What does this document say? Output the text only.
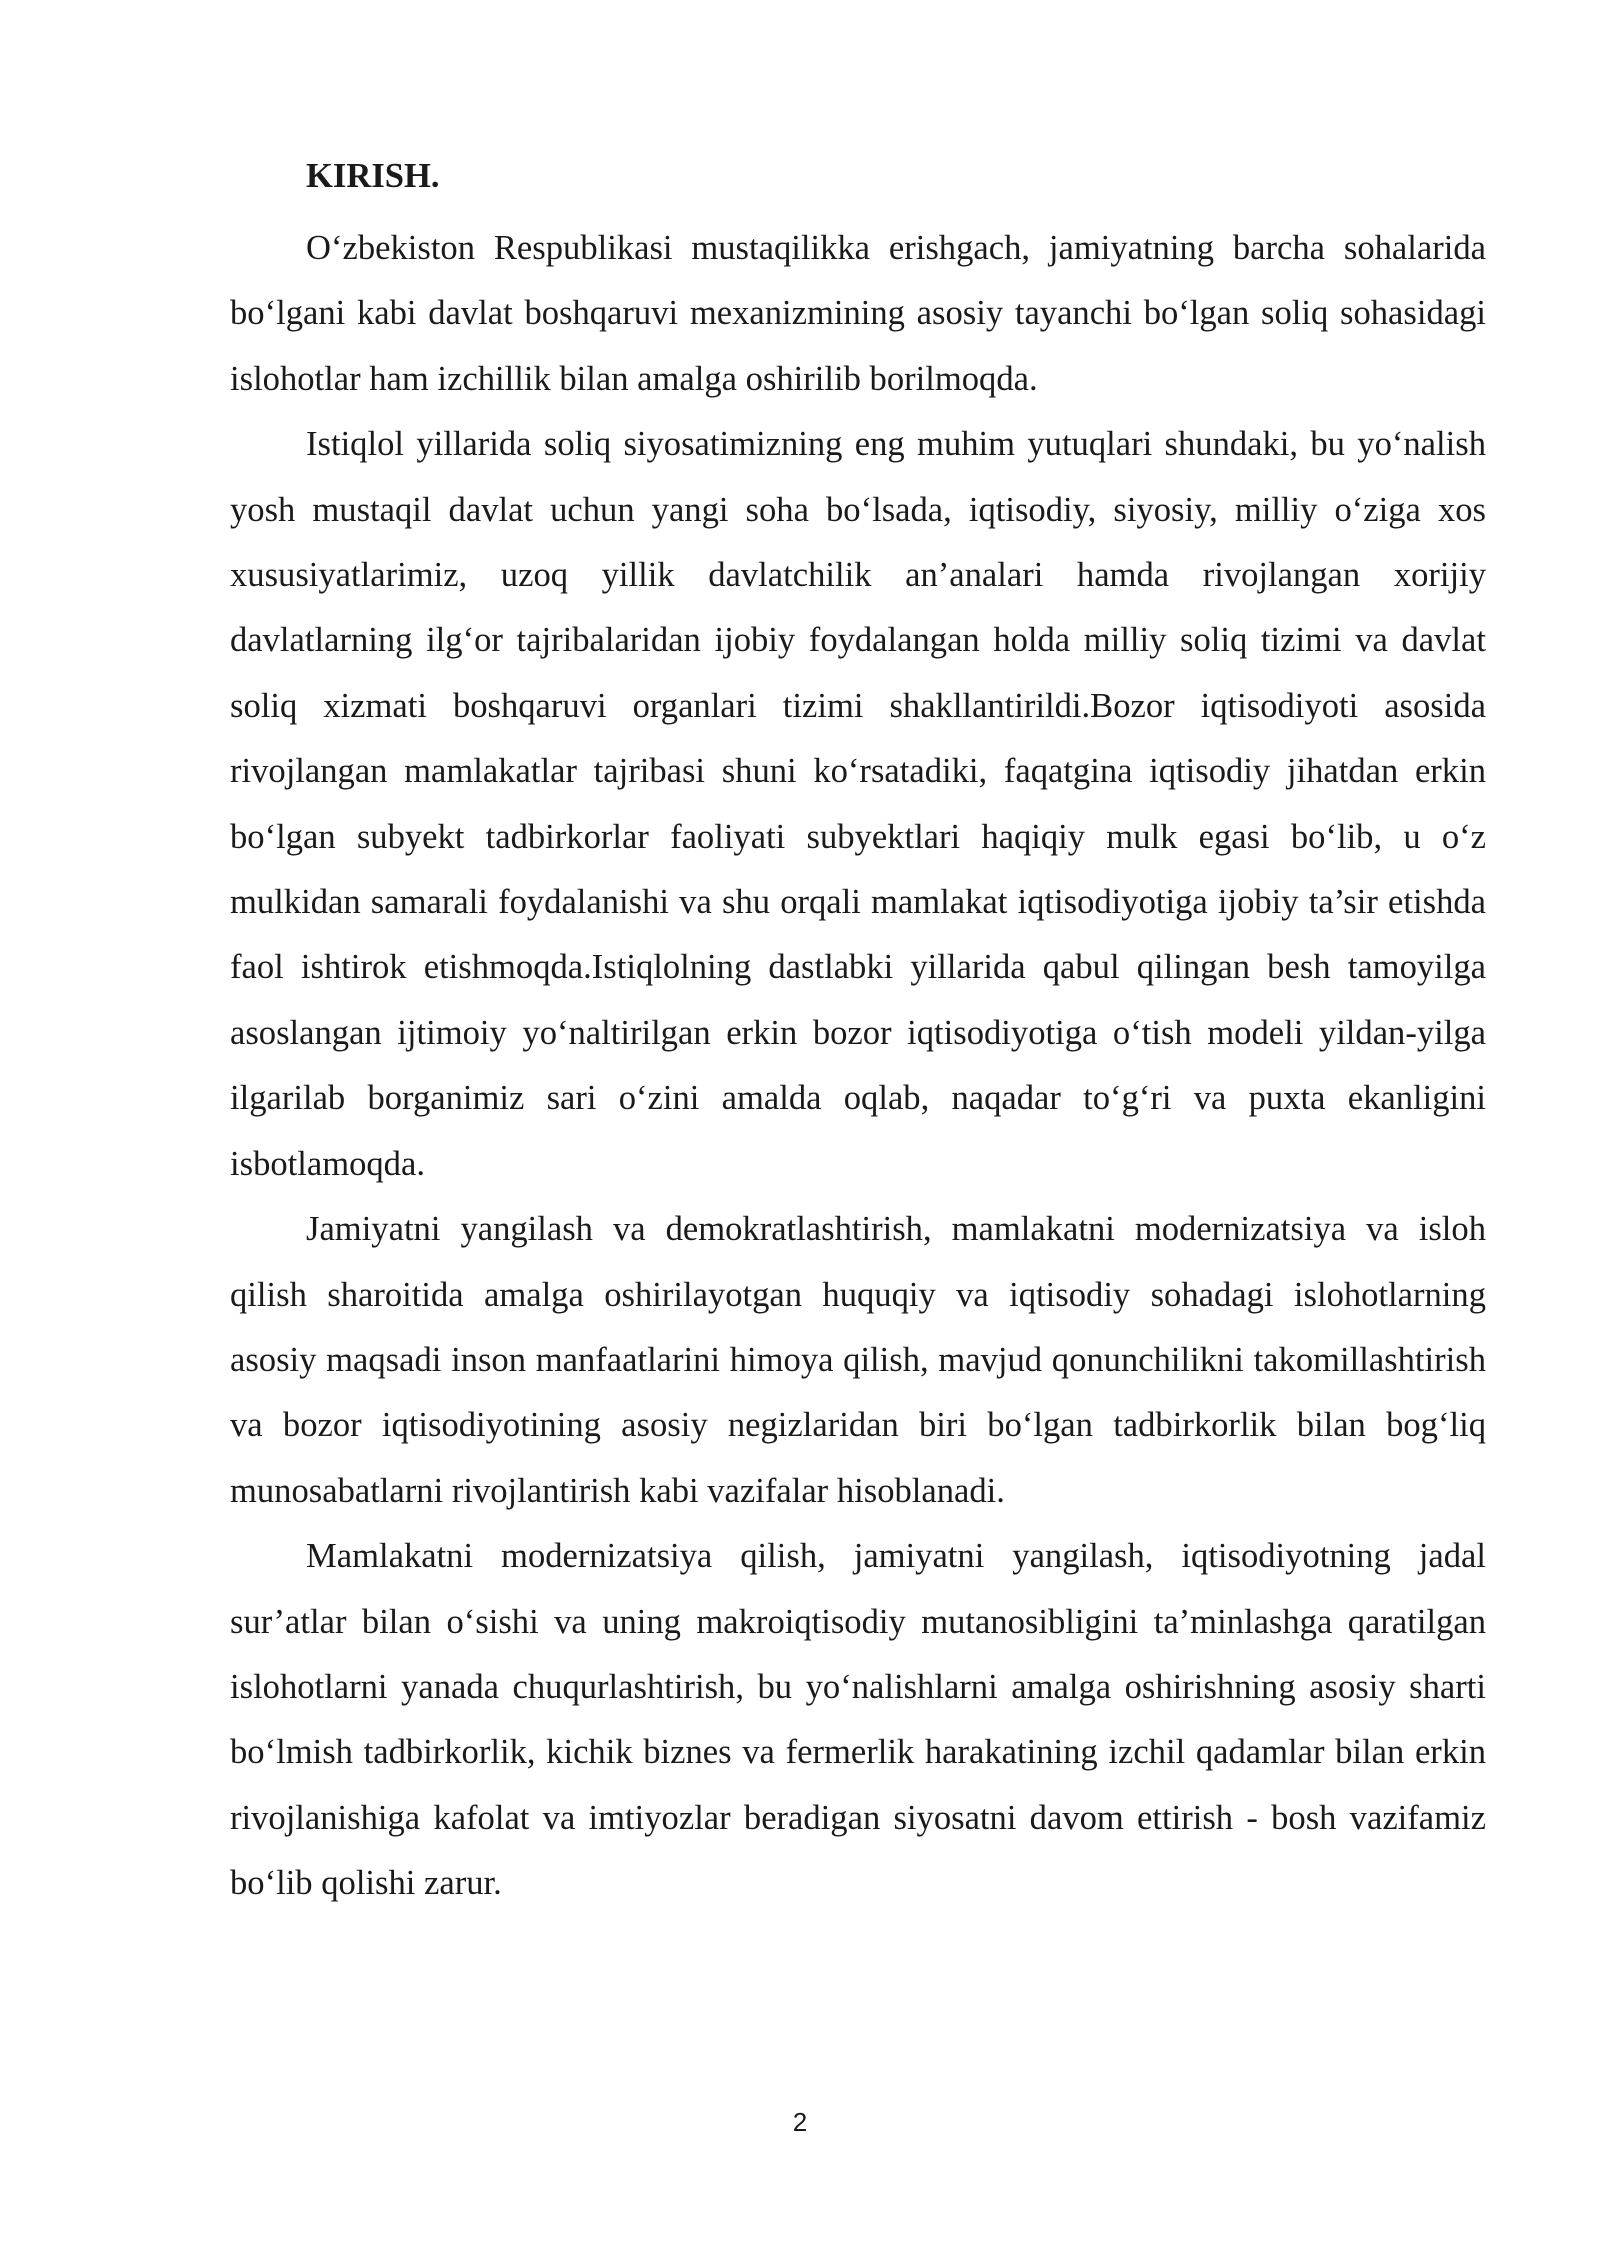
KIRISH.

O‘zbekiston Respublikasi mustaqilikka erishgach, jamiyatning barcha sohalarida bo‘lgani kabi davlat boshqaruvi mexanizmining asosiy tayanchi bo‘lgan soliq sohasidagi islohotlar ham izchillik bilan amalga oshirilib borilmoqda.

Istiqlol yillarida soliq siyosatimizning eng muhim yutuqlari shundaki, bu yo‘nalish yosh mustaqil davlat uchun yangi soha bo‘lsada, iqtisodiy, siyosiy, milliy o‘ziga xos xususiyatlarimiz, uzoq yillik davlatchilik an’analari hamda rivojlangan xorijiy davlatlarning ilg‘or tajribalaridan ijobiy foydalangan holda milliy soliq tizimi va davlat soliq xizmati boshqaruvi organlari tizimi shakllantirildi.Bozor iqtisodiyoti asosida rivojlangan mamlakatlar tajribasi shuni ko‘rsatadiki, faqatgina iqtisodiy jihatdan erkin bo‘lgan subyekt tadbirkorlar faoliyati subyektlari haqiqiy mulk egasi bo‘lib, u o‘z mulkidan samarali foydalanishi va shu orqali mamlakat iqtisodiyotiga ijobiy ta’sir etishda faol ishtirok etishmoqda.Istiqlolning dastlabki yillarida qabul qilingan besh tamoyilga asoslangan ijtimoiy yo‘naltirilgan erkin bozor iqtisodiyotiga o‘tish modeli yildan-yilga ilgarilab borganimiz sari o‘zini amalda oqlab, naqadar to‘g‘ri va puxta ekanligini isbotlamoqda.

Jamiyatni yangilash va demokratlashtirish, mamlakatni modernizatsiya va isloh qilish sharoitida amalga oshirilayotgan huquqiy va iqtisodiy sohadagi islohotlarning asosiy maqsadi inson manfaatlarini himoya qilish, mavjud qonunchilikni takomillashtirish va bozor iqtisodiyotining asosiy negizlaridan biri bo‘lgan tadbirkorlik bilan bog‘liq munosabatlarni rivojlantirish kabi vazifalar hisoblanadi.

Mamlakatni modernizatsiya qilish, jamiyatni yangilash, iqtisodiyotning jadal sur’atlar bilan o‘sishi va uning makroiqtisodiy mutanosibligini ta’minlashga qaratilgan islohotlarni yanada chuqurlashtirish, bu yo‘nalishlarni amalga oshirishning asosiy sharti bo‘lmish tadbirkorlik, kichik biznes va fermerlik harakatining izchil qadamlar bilan erkin rivojlanishiga kafolat va imtiyozlar beradigan siyosatni davom ettirish - bosh vazifamiz bo‘lib qolishi zarur.

2
